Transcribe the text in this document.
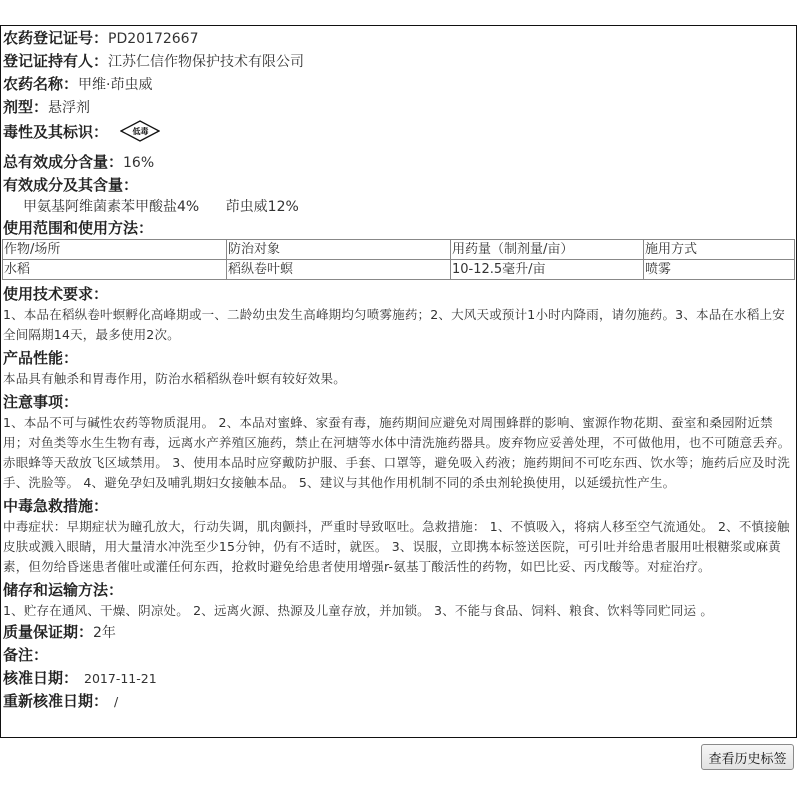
农药登记证号：PD20172667
登记证持有人：江苏仁信作物保护技术有限公司
农药名称：甲维·茚虫威
剂型：悬浮剂
毒性及其标识：	低毒
总有效成分含量：16%
有效成分及其含量：
甲氨基阿维菌素苯甲酸盐4% 茚虫威12%
使用范围和使用方法：
作物/场所	防治对象	用药量（制剂量/亩）	施用方式
水稻	稻纵卷叶螟	10-12.5毫升/亩	喷雾
使用技术要求：
1、本品在稻纵卷叶螟孵化高峰期或一、二龄幼虫发生高峰期均匀喷雾施药；2、大风天或预计1小时内降雨，请勿施药。3、本品在水稻上安全间隔期14天，最多使用2次。
产品性能：
本品具有触杀和胃毒作用，防治水稻稻纵卷叶螟有较好效果。
注意事项：
1、本品不可与碱性农药等物质混用。 2、本品对蜜蜂、家蚕有毒，施药期间应避免对周围蜂群的影响、蜜源作物花期、蚕室和桑园附近禁用；对鱼类等水生生物有毒，远离水产养殖区施药，禁止在河塘等水体中清洗施药器具。废弃物应妥善处理，不可做他用，也不可随意丢弃。赤眼蜂等天敌放飞区域禁用。 3、使用本品时应穿戴防护服、手套、口罩等，避免吸入药液；施药期间不可吃东西、饮水等；施药后应及时洗手、洗脸等。 4、避免孕妇及哺乳期妇女接触本品。 5、建议与其他作用机制不同的杀虫剂轮换使用，以延缓抗性产生。
中毒急救措施：
中毒症状：早期症状为瞳孔放大，行动失调，肌肉颤抖，严重时导致呕吐。急救措施： 1、不慎吸入，将病人移至空气流通处。 2、不慎接触皮肤或溅入眼睛，用大量清水冲洗至少15分钟，仍有不适时，就医。 3、误服，立即携本标签送医院，可引吐并给患者服用吐根糖浆或麻黄素，但勿给昏迷患者催吐或灌任何东西，抢救时避免给患者使用增强r-氨基丁酸活性的药物，如巴比妥、丙戊酸等。对症治疗。
储存和运输方法：
1、贮存在通风、干燥、阴凉处。 2、远离火源、热源及儿童存放，并加锁。 3、不能与食品、饲料、粮食、饮料等同贮同运 。
质量保证期：2年
备注：
核准日期： 2017-11-21
重新核准日期： /
查看历史标签
